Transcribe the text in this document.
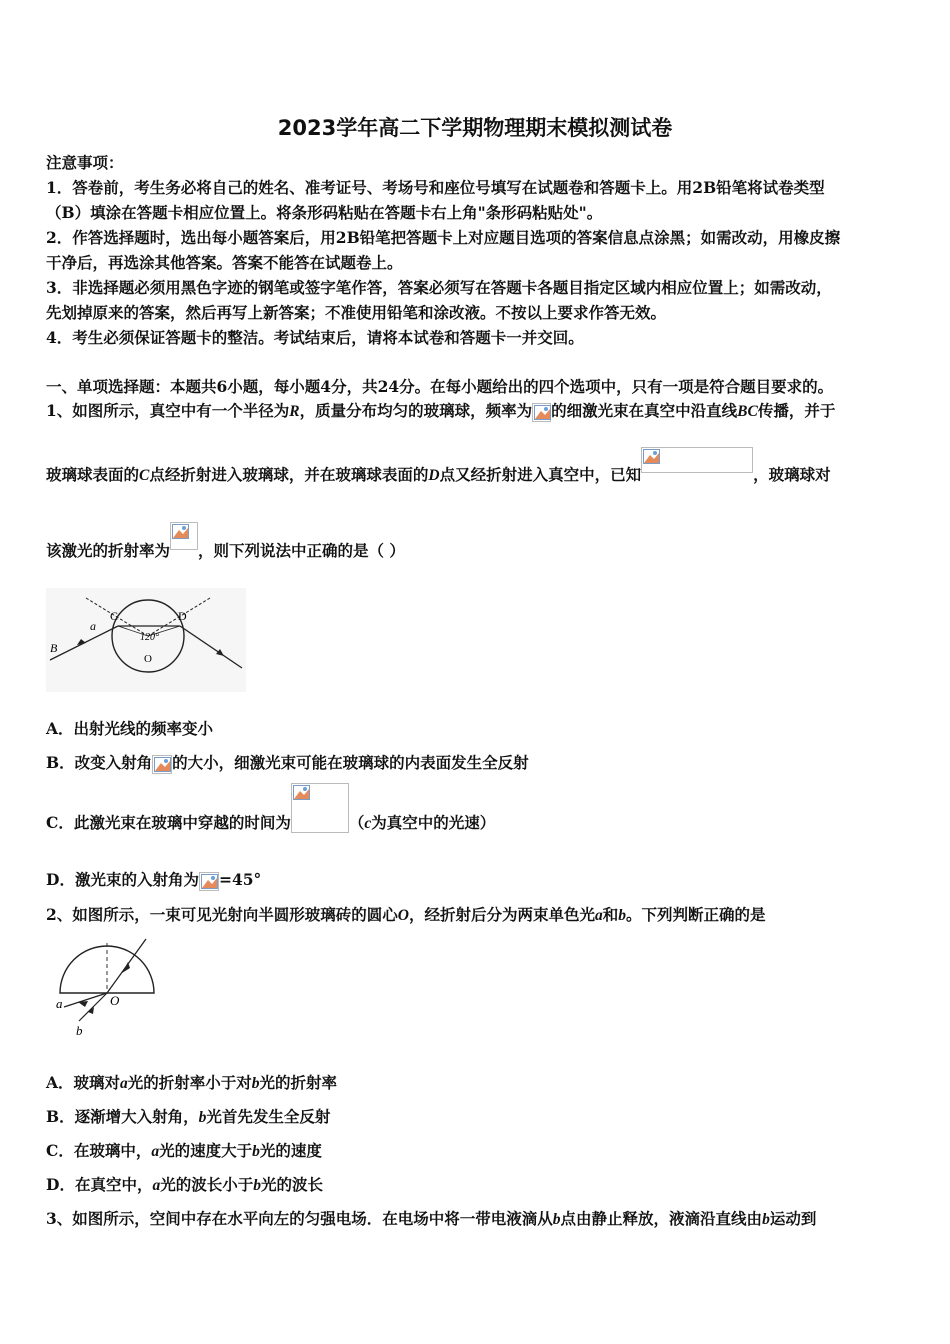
2023学年高二下学期物理期末模拟测试卷
注意事项：
1．答卷前，考生务必将自己的姓名、准考证号、考场号和座位号填写在试题卷和答题卡上。用2B铅笔将试卷类型
（B）填涂在答题卡相应位置上。将条形码粘贴在答题卡右上角"条形码粘贴处"。
2．作答选择题时，选出每小题答案后，用2B铅笔把答题卡上对应题目选项的答案信息点涂黑；如需改动，用橡皮擦
干净后，再选涂其他答案。答案不能答在试题卷上。
3．非选择题必须用黑色字迹的钢笔或签字笔作答，答案必须写在答题卡各题目指定区域内相应位置上；如需改动，
先划掉原来的答案，然后再写上新答案；不准使用铅笔和涂改液。不按以上要求作答无效。
4．考生必须保证答题卡的整洁。考试结束后，请将本试卷和答题卡一并交回。
一、单项选择题：本题共6小题，每小题4分，共24分。在每小题给出的四个选项中，只有一项是符合题目要求的。
1、如图所示，真空中有一个半径为R，质量分布均匀的玻璃球，频率为 的细激光束在真空中沿直线BC传播，并于
玻璃球表面的C点经折射进入玻璃球，并在玻璃球表面的D点又经折射进入真空中，已知	，玻璃球对
该激光的折射率为 ，则下列说法中正确的是（ ）
B
a
C	D
120°
O
A．出射光线的频率变小
B．改变入射角 的大小，细激光束可能在玻璃球的内表面发生全反射
C．此激光束在玻璃中穿越的时间为	（c为真空中的光速）
D．激光束的入射角为 =45°
2、如图所示，一束可见光射向半圆形玻璃砖的圆心O，经折射后分为两束单色光a和b。下列判断正确的是
a	O
b
A．玻璃对a光的折射率小于对b光的折射率
B．逐渐增大入射角，b光首先发生全反射
C．在玻璃中，a光的速度大于b光的速度
D．在真空中，a光的波长小于b光的波长
3、如图所示，空间中存在水平向左的匀强电场．在电场中将一带电液滴从b点由静止释放，液滴沿直线由b运动到
